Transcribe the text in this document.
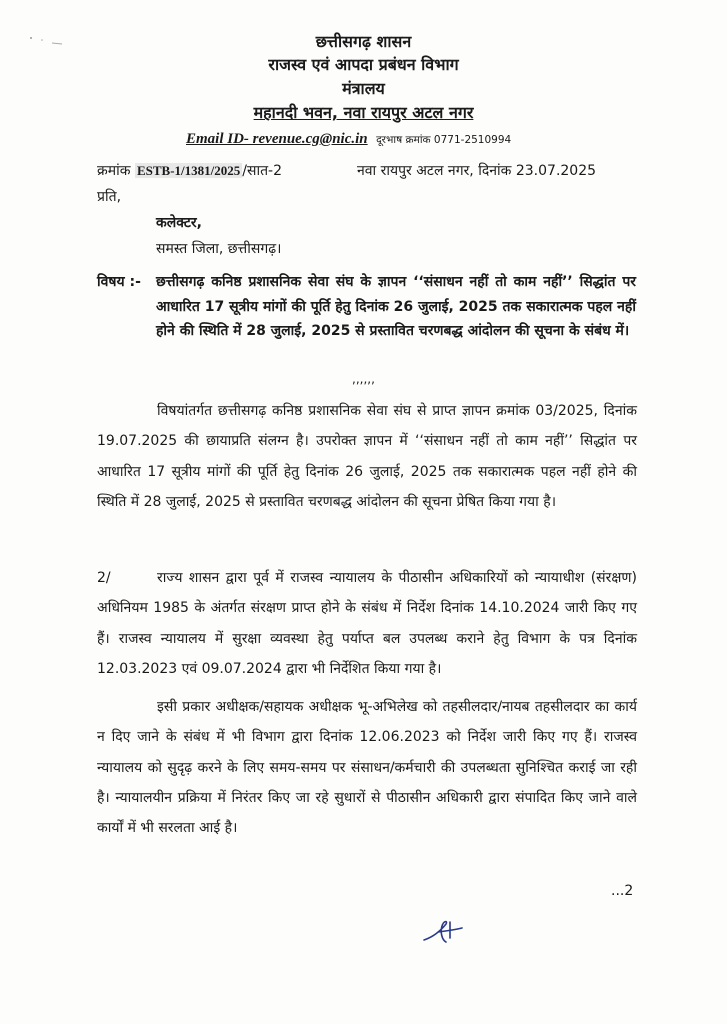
छत्तीसगढ़ शासन
राजस्व एवं आपदा प्रबंधन विभाग
मंत्रालय
महानदी भवन, नवा रायपुर अटल नगर
Email ID- revenue.cg@nic.in दूरभाष क्रमांक 0771-2510994
क्रमांक ESTB-1/1381/2025 /सात-2	नवा रायपुर अटल नगर, दिनांक 23.07.2025
प्रति,
कलेक्टर,
समस्त जिला, छत्तीसगढ़।
विषय :- छत्तीसगढ़ कनिष्ठ प्रशासनिक सेवा संघ के ज्ञापन ‘‘संसाधन नहीं तो काम नहीं’’ सिद्धांत पर आधारित 17 सूत्रीय मांगों की पूर्ति हेतु दिनांक 26 जुलाई, 2025 तक सकारात्मक पहल नहीं होने की स्थिति में 28 जुलाई, 2025 से प्रस्तावित चरणबद्ध आंदोलन की सूचना के संबंध में।
,,,,,,
विषयांतर्गत छत्तीसगढ़ कनिष्ठ प्रशासनिक सेवा संघ से प्राप्त ज्ञापन क्रमांक 03/2025, दिनांक 19.07.2025 की छायाप्रति संलग्न है। उपरोक्त ज्ञापन में ‘‘संसाधन नहीं तो काम नहीं’’ सिद्धांत पर आधारित 17 सूत्रीय मांगों की पूर्ति हेतु दिनांक 26 जुलाई, 2025 तक सकारात्मक पहल नहीं होने की स्थिति में 28 जुलाई, 2025 से प्रस्तावित चरणबद्ध आंदोलन की सूचना प्रेषित किया गया है।
2/	राज्य शासन द्वारा पूर्व में राजस्व न्यायालय के पीठासीन अधिकारियों को न्यायाधीश (संरक्षण) अधिनियम 1985 के अंतर्गत संरक्षण प्राप्त होने के संबंध में निर्देश दिनांक 14.10.2024 जारी किए गए हैं। राजस्व न्यायालय में सुरक्षा व्यवस्था हेतु पर्याप्त बल उपलब्ध कराने हेतु विभाग के पत्र दिनांक 12.03.2023 एवं 09.07.2024 द्वारा भी निर्देशित किया गया है।
इसी प्रकार अधीक्षक/सहायक अधीक्षक भू-अभिलेख को तहसीलदार/नायब तहसीलदार का कार्य न दिए जाने के संबंध में भी विभाग द्वारा दिनांक 12.06.2023 को निर्देश जारी किए गए हैं। राजस्व न्यायालय को सुदृढ़ करने के लिए समय-समय पर संसाधन/कर्मचारी की उपलब्धता सुनिश्चित कराई जा रही है। न्यायालयीन प्रक्रिया में निरंतर किए जा रहे सुधारों से पीठासीन अधिकारी द्वारा संपादित किए जाने वाले कार्यों में भी सरलता आई है।
...2
